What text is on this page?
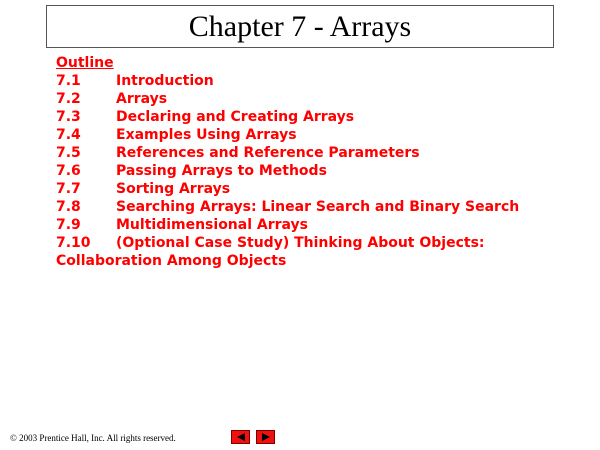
Chapter 7 - Arrays
Outline
7.1	Introduction
7.2	Arrays
7.3	Declaring and Creating Arrays
7.4	Examples Using Arrays
7.5	References and Reference Parameters
7.6	Passing Arrays to Methods
7.7	Sorting Arrays
7.8	Searching Arrays: Linear Search and Binary Search
7.9	Multidimensional Arrays
7.10 (Optional Case Study) Thinking About Objects:
Collaboration Among Objects
© 2003 Prentice Hall, Inc. All rights reserved.
